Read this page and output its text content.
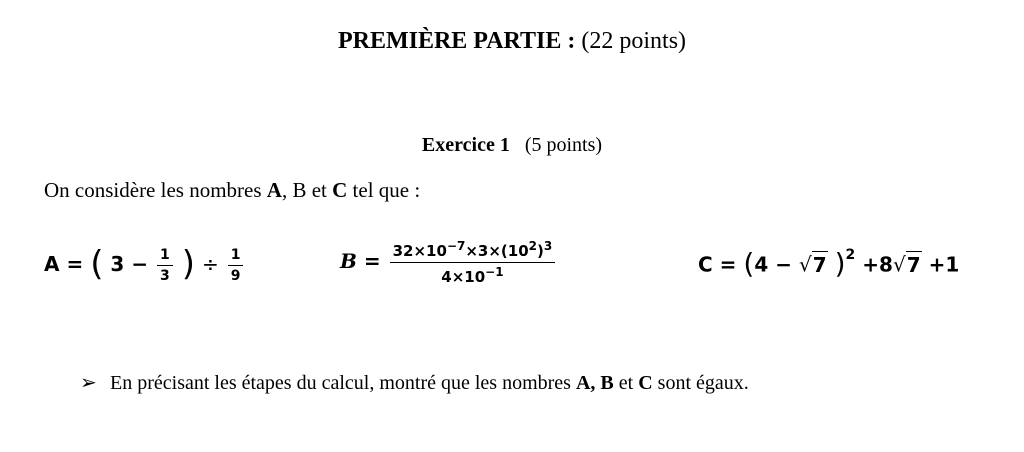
PREMIÈRE PARTIE : (22 points)
Exercice 1 (5 points)
On considère les nombres A, B et C tel que :
A = ( $3 - \frac{1}{3}$ ) ÷ $\frac{1}{9}$	$B = \frac{32\times 10^{-7}\times 3\times(10^2)^3}{4\times 10^{-1}}$	C = (4 − √7 )$^2$ +8√7 +1
➢ En précisant les étapes du calcul, montré que les nombres A, B et C sont égaux.
